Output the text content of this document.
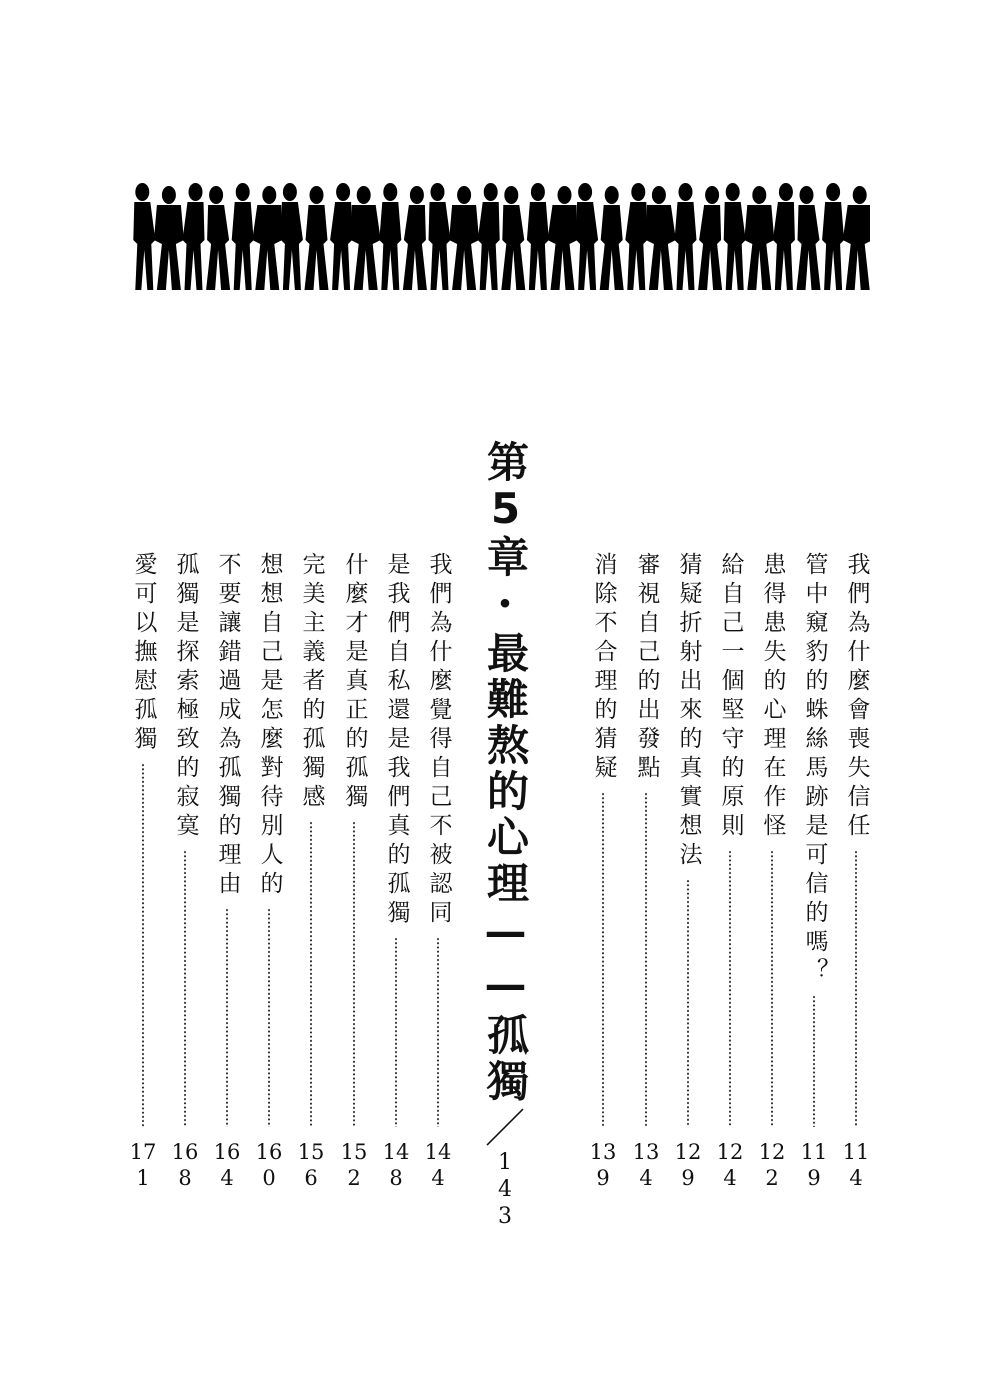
第5章
・
最難熬的心理——孤獨
／
143
我們為什麼會喪失信任
114
管中窺豹的蛛絲馬跡是可信的嗎？
119
患得患失的心理在作怪
122
給自己一個堅守的原則
124
猜疑折射出來的真實想法
129
審視自己的出發點
134
消除不合理的猜疑
139
我們為什麼覺得自己不被認同
144
是我們自私還是我們真的孤獨
148
什麼才是真正的孤獨
152
完美主義者的孤獨感
156
想想自己是怎麼對待別人的
160
不要讓錯過成為孤獨的理由
164
孤獨是探索極致的寂寞
168
愛可以撫慰孤獨
171
